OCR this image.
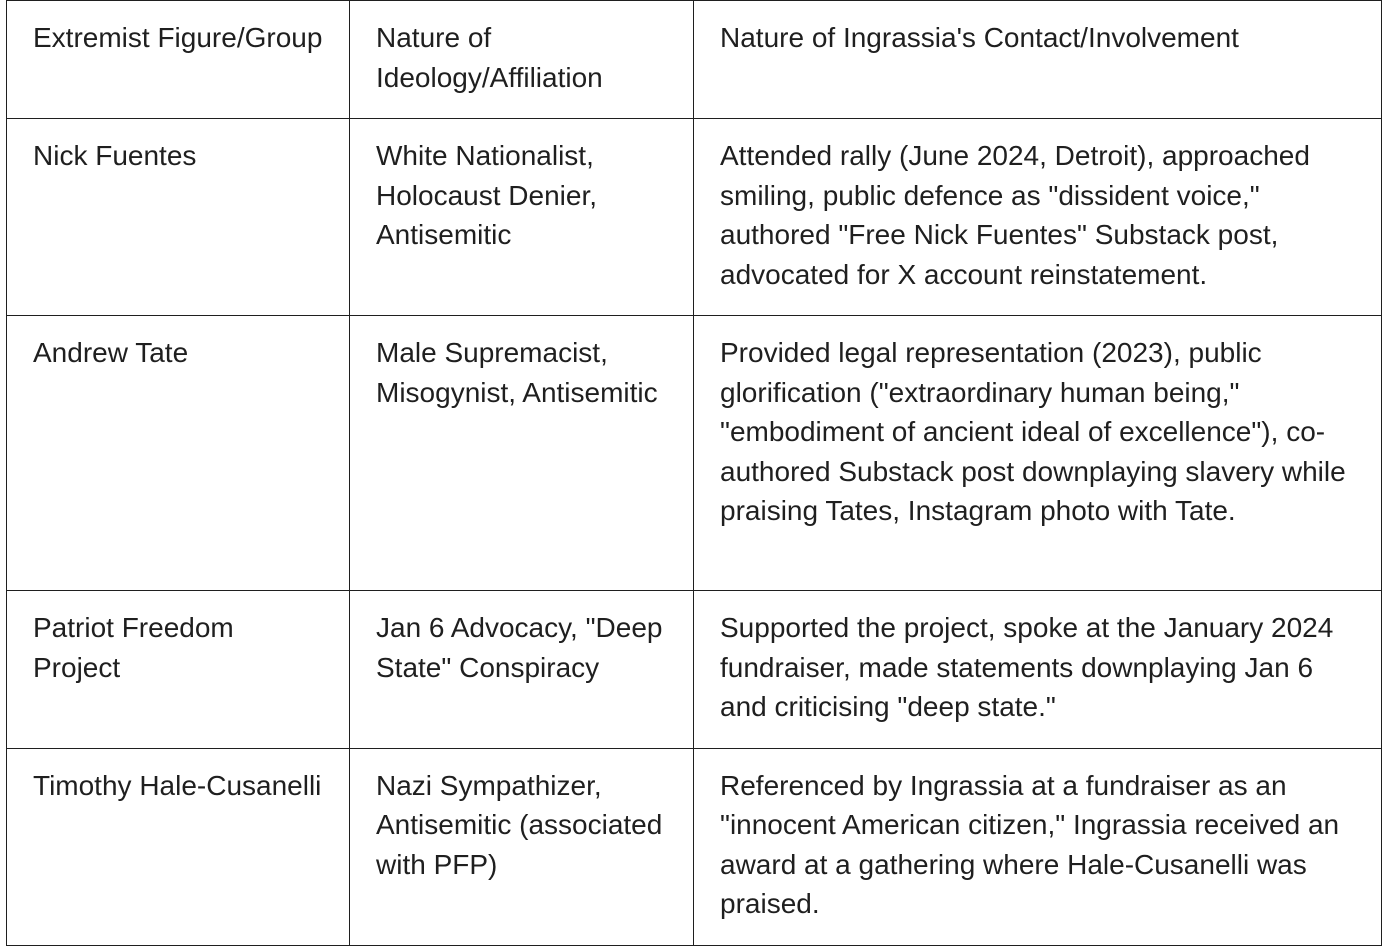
Extremist Figure/Group	Nature of Ideology/Affiliation	Nature of Ingrassia's Contact/Involvement
Nick Fuentes	White Nationalist, Holocaust Denier, Antisemitic	Attended rally (June 2024, Detroit), approached smiling, public defence as "dissident voice," authored "Free Nick Fuentes" Substack post, advocated for X account reinstatement.
Andrew Tate	Male Supremacist, Misogynist, Antisemitic	Provided legal representation (2023), public glorification ("extraordinary human being," "embodiment of ancient ideal of excellence"), co-authored Substack post downplaying slavery while praising Tates, Instagram photo with Tate.
Patriot Freedom Project	Jan 6 Advocacy, "Deep State" Conspiracy	Supported the project, spoke at the January 2024 fundraiser, made statements downplaying Jan 6 and criticising "deep state."
Timothy Hale-Cusanelli	Nazi Sympathizer, Antisemitic (associated with PFP)	Referenced by Ingrassia at a fundraiser as an "innocent American citizen," Ingrassia received an award at a gathering where Hale-Cusanelli was praised.
